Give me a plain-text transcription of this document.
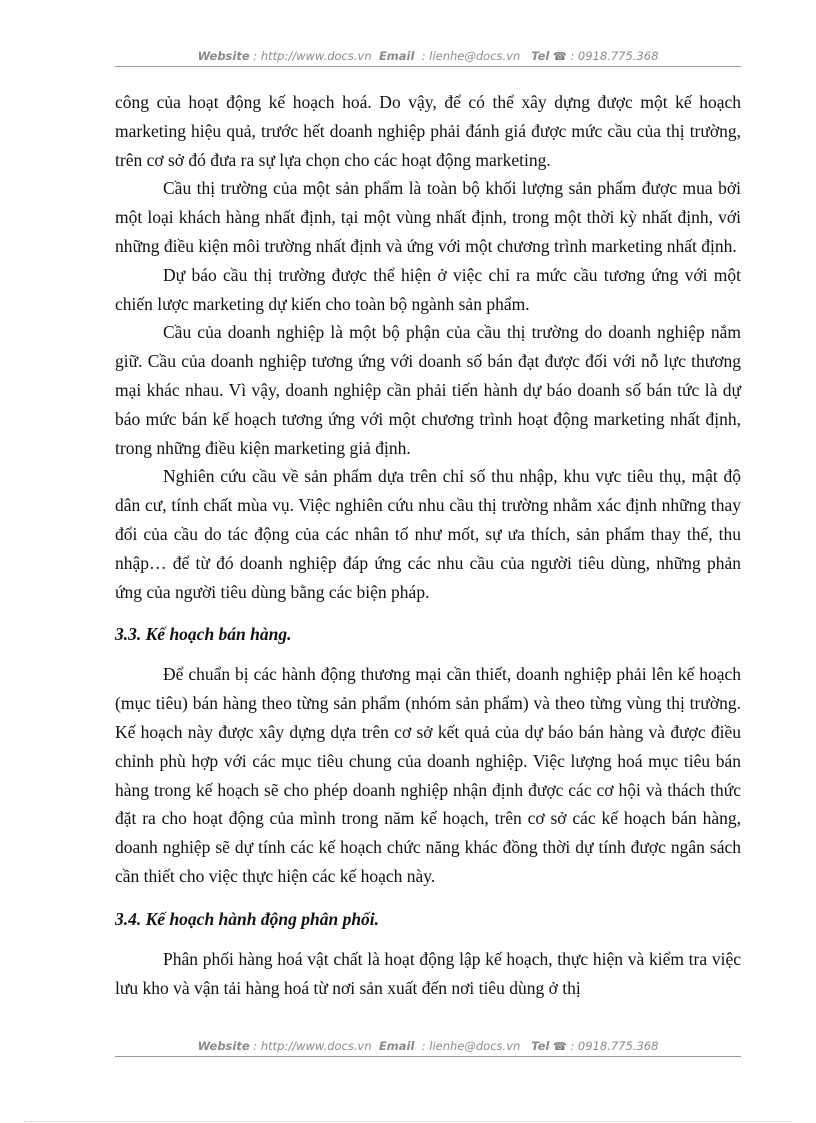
Website : http://www.docs.vn Email  : lienhe@docs.vn Tel ☎ : 0918.775.368

công của hoạt động kế hoạch hoá. Do vậy, để có thể xây dựng được một kế hoạch marketing hiệu quả, trước hết doanh nghiệp phải đánh giá được mức cầu của thị trường, trên cơ sở đó đưa ra sự lựa chọn cho các hoạt động marketing.

Cầu thị trường của một sản phẩm là toàn bộ khối lượng sản phẩm được mua bởi một loại khách hàng nhất định, tại một vùng nhất định, trong một thời kỳ nhất định, với những điều kiện môi trường nhất định và ứng với một chương trình marketing nhất định.

Dự báo cầu thị trường được thể hiện ở việc chỉ ra mức cầu tương ứng với một chiến lược marketing dự kiến cho toàn bộ ngành sản phẩm.

Cầu của doanh nghiệp là một bộ phận của cầu thị trường do doanh nghiệp nắm giữ. Cầu của doanh nghiệp tương ứng với doanh số bán đạt được đối với nỗ lực thương mại khác nhau. Vì vậy, doanh nghiệp cần phải tiến hành dự báo doanh số bán tức là dự báo mức bán kế hoạch tương ứng với một chương trình hoạt động marketing nhất định, trong những điều kiện marketing giả định.

Nghiên cứu cầu về sản phẩm dựa trên chỉ số thu nhập, khu vực tiêu thụ, mật độ dân cư, tính chất mùa vụ. Việc nghiên cứu nhu cầu thị trường nhằm xác định những thay đổi của cầu do tác động của các nhân tố như mốt, sự ưa thích, sản phẩm thay thế, thu nhập… để từ đó doanh nghiệp đáp ứng các nhu cầu của người tiêu dùng, những phản ứng của người tiêu dùng bằng các biện pháp.

3.3. Kế hoạch bán hàng.

Để chuẩn bị các hành động thương mại cần thiết, doanh nghiệp phải lên kế hoạch (mục tiêu) bán hàng theo từng sản phẩm (nhóm sản phẩm) và theo từng vùng thị trường. Kế hoạch này được xây dựng dựa trên cơ sở kết quả của dự báo bán hàng và được điều chỉnh phù hợp với các mục tiêu chung của doanh nghiệp. Việc lượng hoá mục tiêu bán hàng trong kế hoạch sẽ cho phép doanh nghiệp nhận định được các cơ hội và thách thức đặt ra cho hoạt động của mình trong năm kế hoạch, trên cơ sở các kế hoạch bán hàng, doanh nghiệp sẽ dự tính các kế hoạch chức năng khác đồng thời dự tính được ngân sách cần thiết cho việc thực hiện các kế hoạch này.

3.4. Kế hoạch hành động phân phối.

Phân phối hàng hoá vật chất là hoạt động lập kế hoạch, thực hiện và kiểm tra việc lưu kho và vận tải hàng hoá từ nơi sản xuất đến nơi tiêu dùng ở thị

Website : http://www.docs.vn Email  : lienhe@docs.vn Tel ☎ : 0918.775.368
